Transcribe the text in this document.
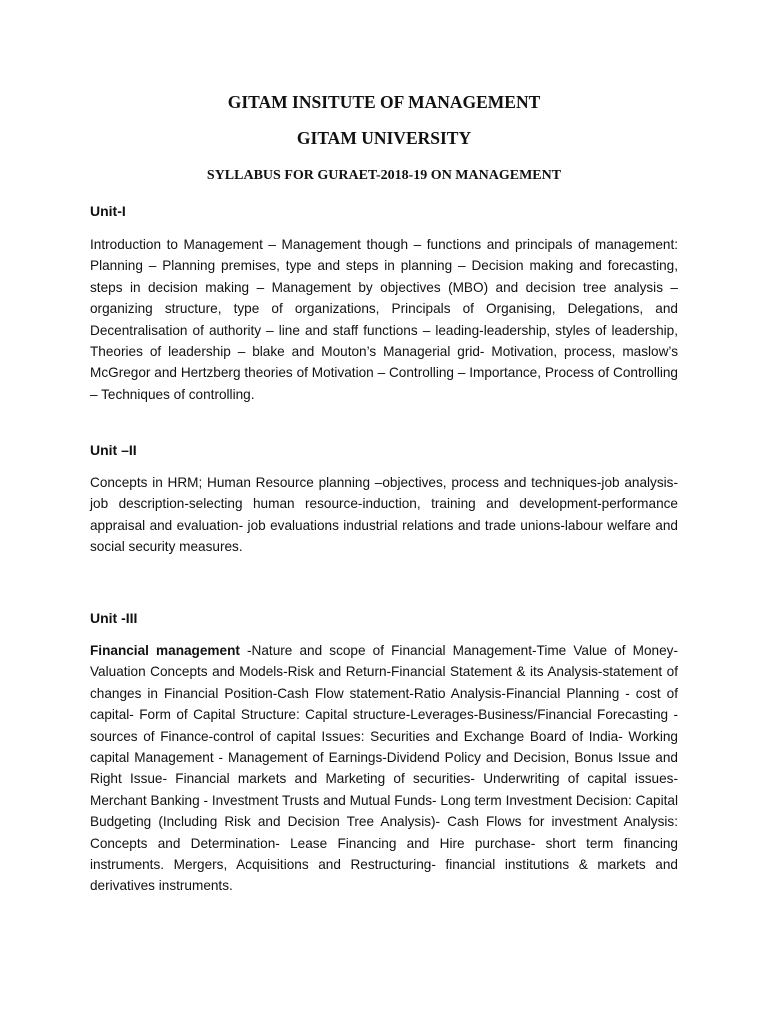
GITAM INSITUTE OF MANAGEMENT
GITAM UNIVERSITY
SYLLABUS FOR GURAET-2018-19 ON MANAGEMENT
Unit-I

Introduction to Management – Management though – functions and principals of management: Planning – Planning premises, type and steps in planning – Decision making and forecasting, steps in decision making – Management by objectives (MBO) and decision tree analysis – organizing structure, type of organizations, Principals of Organising, Delegations, and Decentralisation of authority – line and staff functions – leading-leadership, styles of leadership, Theories of leadership – blake and Mouton’s Managerial grid- Motivation, process, maslow’s McGregor and Hertzberg theories of Motivation – Controlling – Importance, Process of Controlling – Techniques of controlling.

Unit –II

Concepts in HRM; Human Resource planning –objectives, process and techniques-job analysis-job description-selecting human resource-induction, training and development-performance appraisal and evaluation- job evaluations industrial relations and trade unions-labour welfare and social security measures.

Unit -III

Financial management -Nature and scope of Financial Management-Time Value of Money-Valuation Concepts and Models-Risk and Return-Financial Statement & its Analysis-statement of changes in Financial Position-Cash Flow statement-Ratio Analysis-Financial Planning - cost of capital- Form of Capital Structure: Capital structure-Leverages-Business/Financial Forecasting - sources of Finance-control of capital Issues: Securities and Exchange Board of India- Working capital Management - Management of Earnings-Dividend Policy and Decision, Bonus Issue and Right Issue- Financial markets and Marketing of securities- Underwriting of capital issues- Merchant Banking - Investment Trusts and Mutual Funds- Long term Investment Decision: Capital Budgeting (Including Risk and Decision Tree Analysis)- Cash Flows for investment Analysis: Concepts and Determination- Lease Financing and Hire purchase- short term financing instruments. Mergers, Acquisitions and Restructuring- financial institutions & markets and derivatives instruments.
